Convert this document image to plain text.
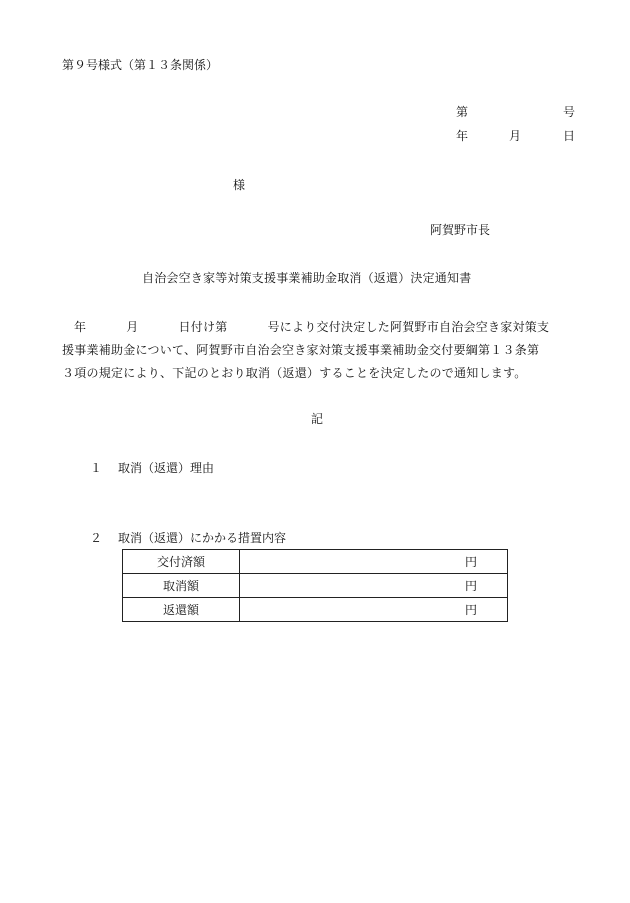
第９号様式（第１３条関係）
第	号
年	月	日
様
阿賀野市長
自治会空き家等対策支援事業補助金取消（返還）決定通知書
年	月	日付け第	号により交付決定した阿賀野市自治会空き家対策支
援事業補助金について、阿賀野市自治会空き家対策支援事業補助金交付要綱第１３条第
３項の規定により、下記のとおり取消（返還）することを決定したので通知します。
記
１ 取消（返還）理由
２ 取消（返還）にかかる措置内容
交付済額	円
取消額	円
返還額	円
